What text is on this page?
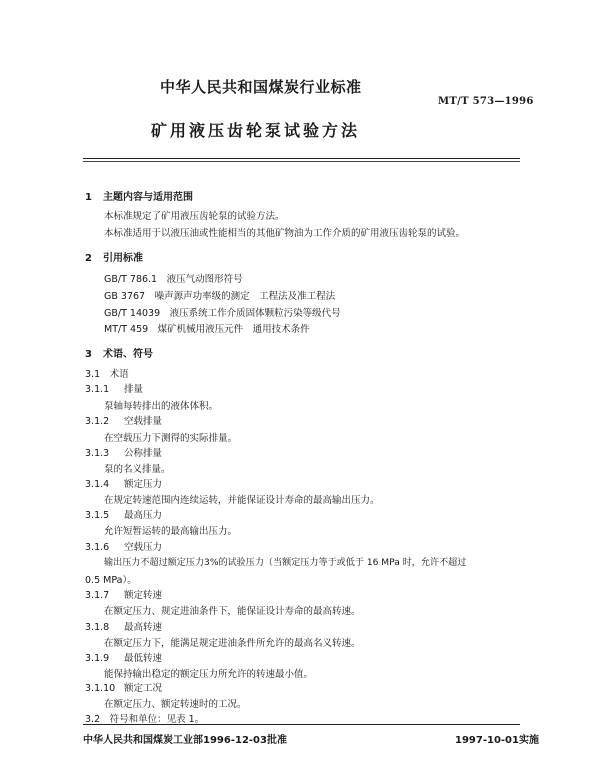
中华人民共和国煤炭行业标准
MT/T 573—1996
矿用液压齿轮泵试验方法
1 主题内容与适用范围
本标准规定了矿用液压齿轮泵的试验方法。
本标准适用于以液压油或性能相当的其他矿物油为工作介质的矿用液压齿轮泵的试验。
2 引用标准
GB/T 786.1　液压气动图形符号
GB 3767　噪声源声功率级的测定　工程法及准工程法
GB/T 14039　液压系统工作介质固体颗粒污染等级代号
MT/T 459　煤矿机械用液压元件　通用技术条件
3 术语、符号
3.1　术语
3.1.1 排量
泵轴每转排出的液体体积。
3.1.2 空载排量
在空载压力下测得的实际排量。
3.1.3 公称排量
泵的名义排量。
3.1.4 额定压力
在规定转速范围内连续运转，并能保证设计寿命的最高输出压力。
3.1.5 最高压力
允许短暂运转的最高输出压力。
3.1.6 空载压力
输出压力不超过额定压力3%的试验压力（当额定压力等于或低于 16 MPa 时，允许不超过
0.5 MPa）。
3.1.7 额定转速
在额定压力、规定进油条件下，能保证设计寿命的最高转速。
3.1.8 最高转速
在额定压力下，能满足规定进油条件所允许的最高名义转速。
3.1.9 最低转速
能保持输出稳定的额定压力所允许的转速最小值。
3.1.10 额定工况
在额定压力、额定转速时的工况。
3.2　符号和单位：见表 1。
中华人民共和国煤炭工业部1996-12-03批准	1997-10-01实施
